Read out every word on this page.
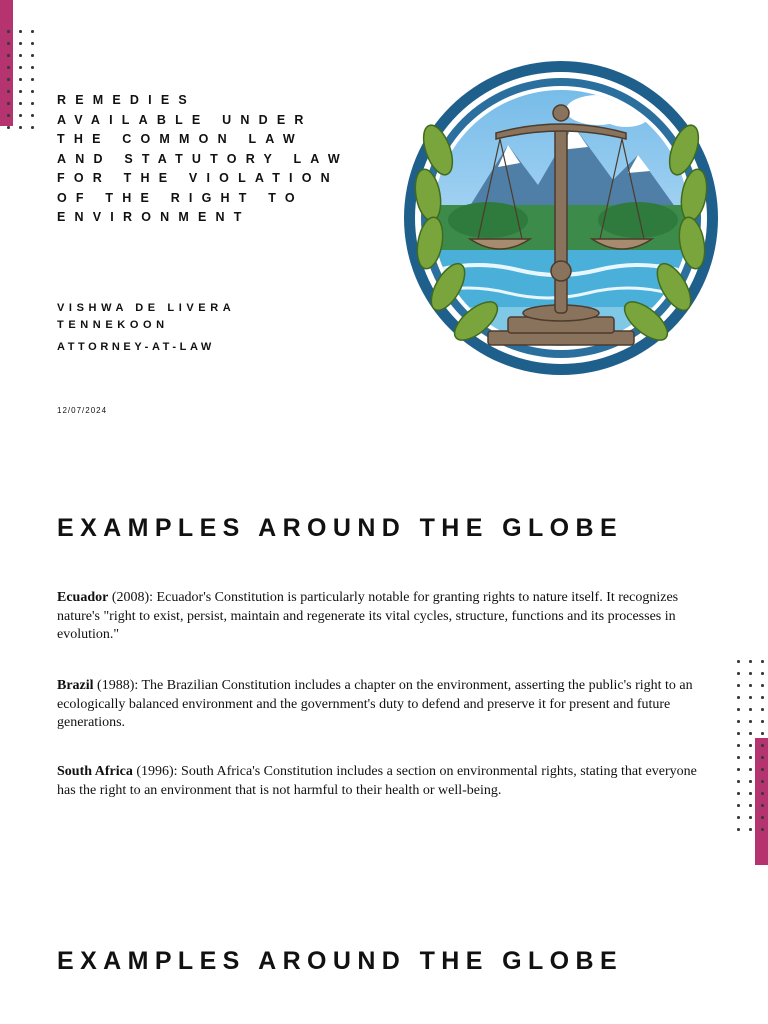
REMEDIES AVAILABLE UNDER THE COMMON LAW AND STATUTORY LAW FOR THE VIOLATION OF THE RIGHT TO ENVIRONMENT

VISHWA DE LIVERA TENNEKOON

ATTORNEY-AT-LAW

12/07/2024

EXAMPLES AROUND THE GLOBE

Ecuador (2008): Ecuador's Constitution is particularly notable for granting rights to nature itself. It recognizes nature's "right to exist, persist, maintain and regenerate its vital cycles, structure, functions and its processes in evolution."

Brazil (1988): The Brazilian Constitution includes a chapter on the environment, asserting the public's right to an ecologically balanced environment and the government's duty to defend and preserve it for present and future generations.

South Africa (1996): South Africa's Constitution includes a section on environmental rights, stating that everyone has the right to an environment that is not harmful to their health or well-being.

EXAMPLES AROUND THE GLOBE
